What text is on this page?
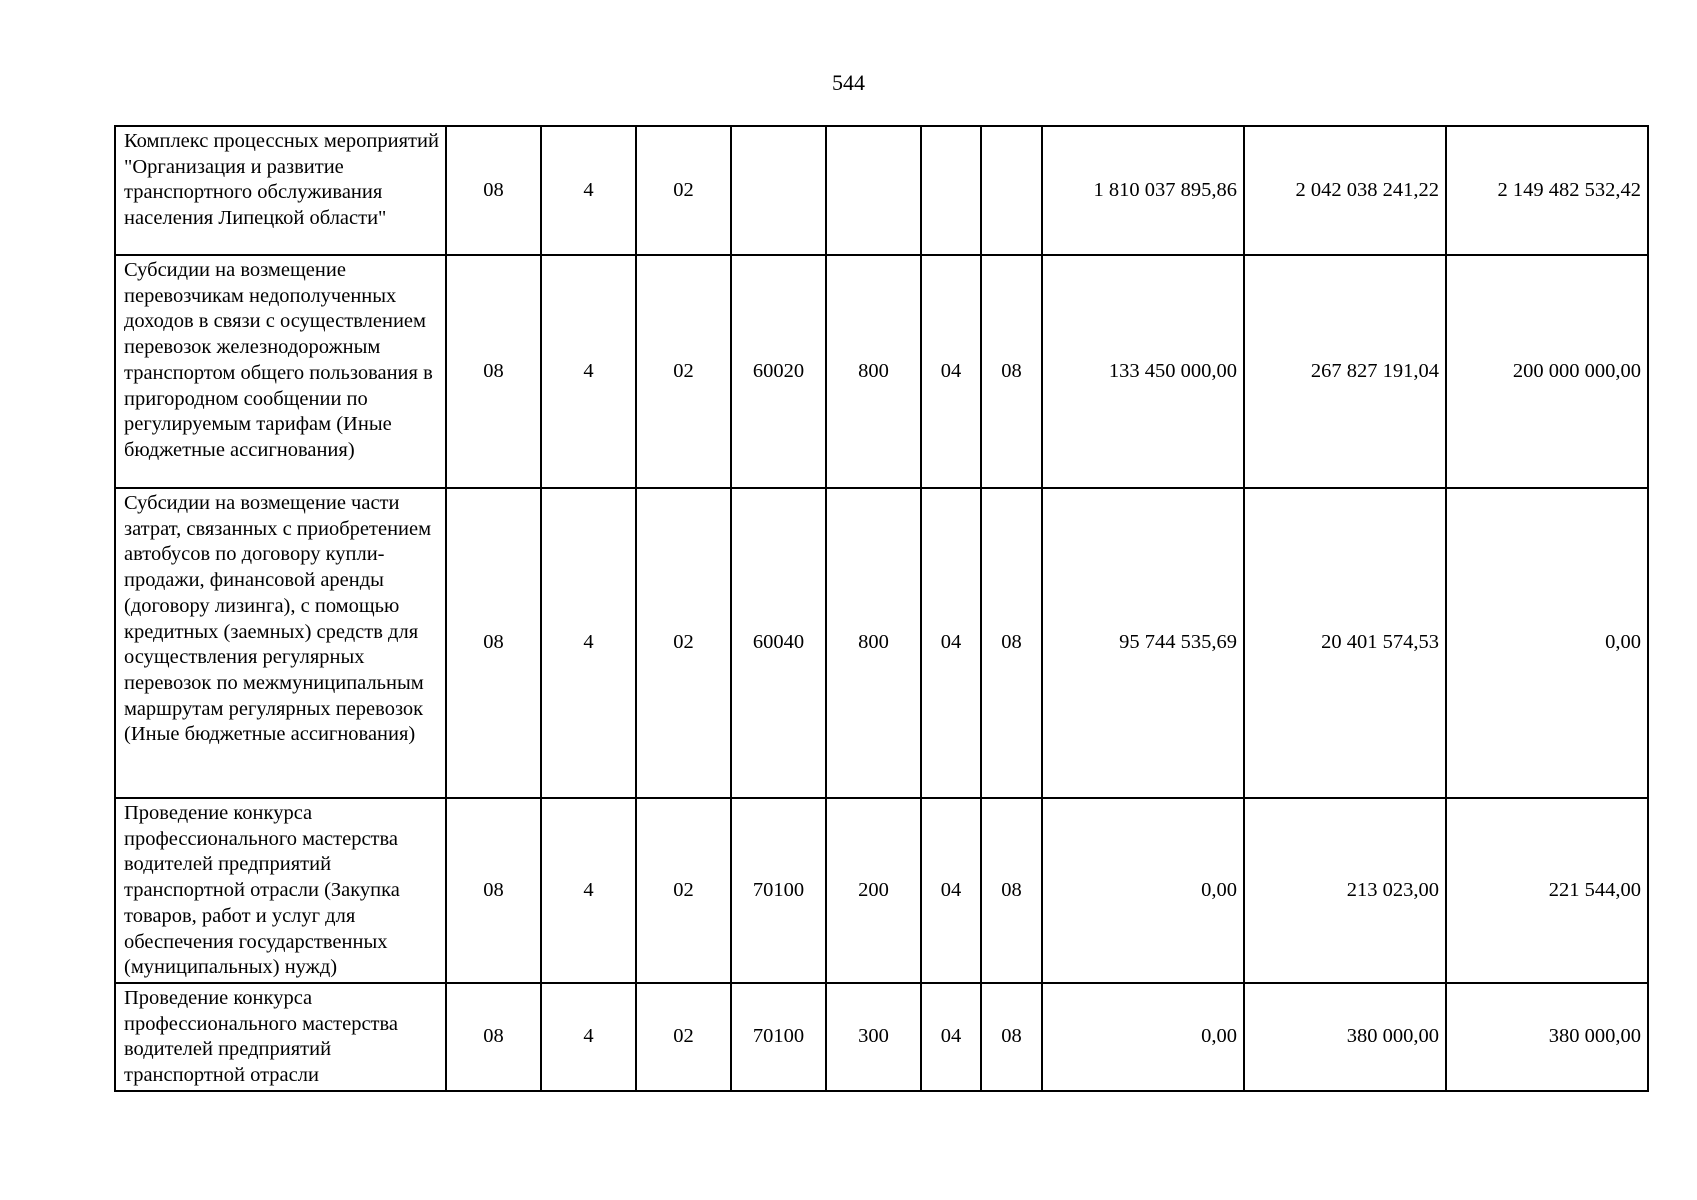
544
Комплекс процессных мероприятий "Организация и развитие транспортного обслуживания населения Липецкой области"	08	4	02					1 810 037 895,86	2 042 038 241,22	2 149 482 532,42
Субсидии на возмещение перевозчикам недополученных доходов в связи с осуществлением перевозок железнодорожным транспортом общего пользования в пригородном сообщении по регулируемым тарифам (Иные бюджетные ассигнования)	08	4	02	60020	800	04	08	133 450 000,00	267 827 191,04	200 000 000,00
Субсидии на возмещение части затрат, связанных с приобретением автобусов по договору купли-продажи, финансовой аренды (договору лизинга), с помощью кредитных (заемных) средств для осуществления регулярных перевозок по межмуниципальным маршрутам регулярных перевозок (Иные бюджетные ассигнования)	08	4	02	60040	800	04	08	95 744 535,69	20 401 574,53	0,00
Проведение конкурса профессионального мастерства водителей предприятий транспортной отрасли (Закупка товаров, работ и услуг для обеспечения государственных (муниципальных) нужд)	08	4	02	70100	200	04	08	0,00	213 023,00	221 544,00
Проведение конкурса профессионального мастерства водителей предприятий транспортной отрасли	08	4	02	70100	300	04	08	0,00	380 000,00	380 000,00
